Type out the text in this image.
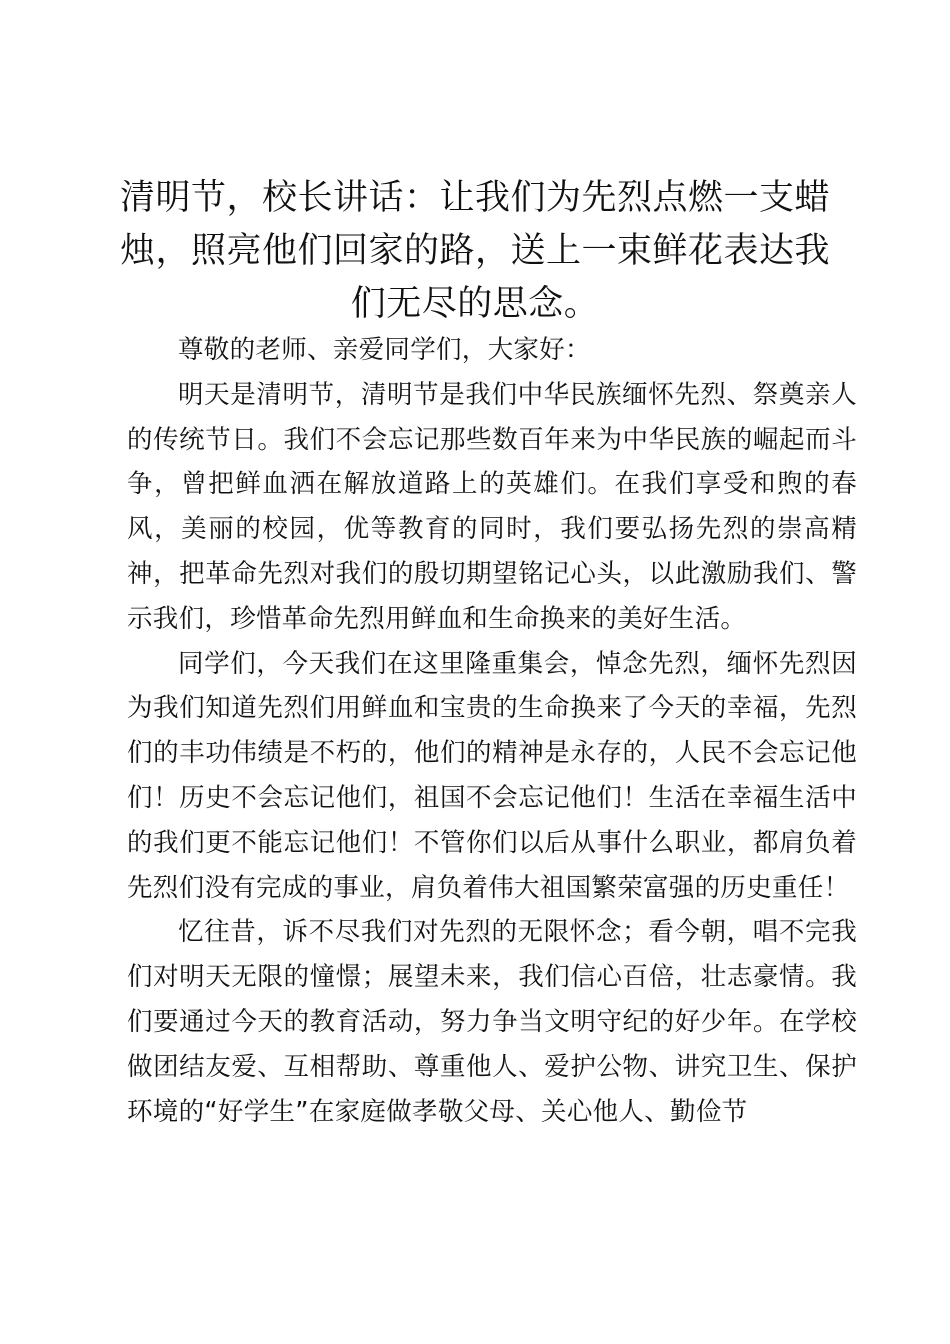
清明节，校长讲话：让我们为先烈点燃一支蜡烛，照亮他们回家的路，送上一束鲜花表达我们无尽的思念。

尊敬的老师、亲爱同学们，大家好：

明天是清明节，清明节是我们中华民族缅怀先烈、祭奠亲人的传统节日。我们不会忘记那些数百年来为中华民族的崛起而斗争，曾把鲜血洒在解放道路上的英雄们。在我们享受和煦的春风，美丽的校园，优等教育的同时，我们要弘扬先烈的崇高精神，把革命先烈对我们的殷切期望铭记心头，以此激励我们、警示我们，珍惜革命先烈用鲜血和生命换来的美好生活。

同学们，今天我们在这里隆重集会，悼念先烈，缅怀先烈因为我们知道先烈们用鲜血和宝贵的生命换来了今天的幸福，先烈们的丰功伟绩是不朽的，他们的精神是永存的，人民不会忘记他们！历史不会忘记他们，祖国不会忘记他们！生活在幸福生活中的我们更不能忘记他们！不管你们以后从事什么职业，都肩负着先烈们没有完成的事业，肩负着伟大祖国繁荣富强的历史重任！

忆往昔，诉不尽我们对先烈的无限怀念；看今朝，唱不完我们对明天无限的憧憬；展望未来，我们信心百倍，壮志豪情。我们要通过今天的教育活动，努力争当文明守纪的好少年。在学校做团结友爱、互相帮助、尊重他人、爱护公物、讲究卫生、保护环境的“好学生”在家庭做孝敬父母、关心他人、勤俭节
